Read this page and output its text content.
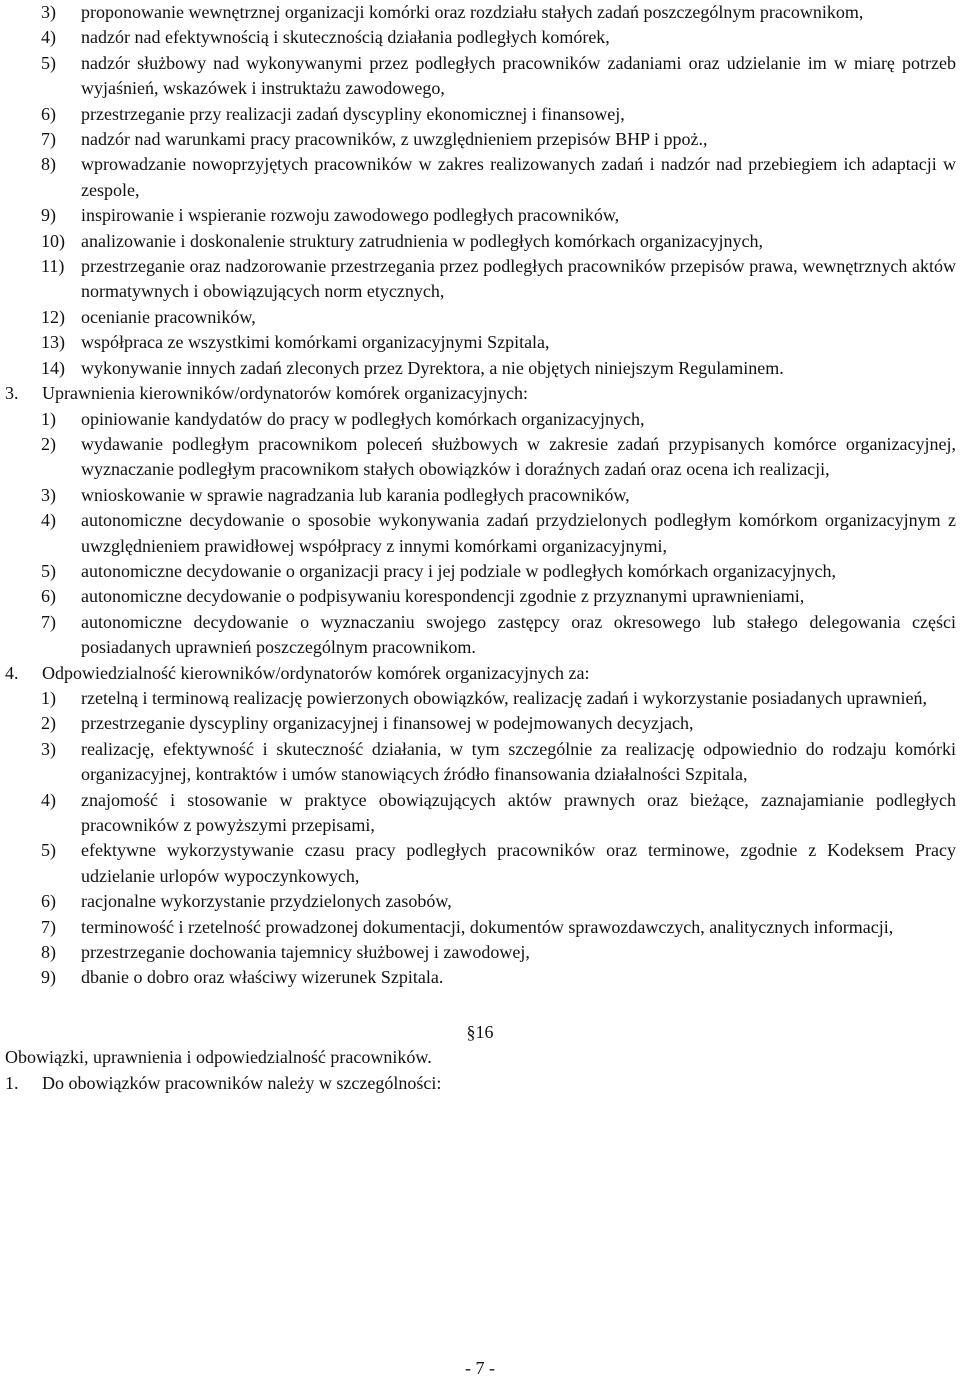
3) proponowanie wewnętrznej organizacji komórki oraz rozdziału stałych zadań poszczególnym pracownikom,
4) nadzór nad efektywnością i skutecznością działania podległych komórek,
5) nadzór służbowy nad wykonywanymi przez podległych pracowników zadaniami oraz udzielanie im w miarę potrzeb wyjaśnień, wskazówek i instruktażu zawodowego,
6) przestrzeganie przy realizacji zadań dyscypliny ekonomicznej i finansowej,
7) nadzór nad warunkami pracy pracowników, z uwzględnieniem przepisów BHP i ppoż.,
8) wprowadzanie nowoprzyjętych pracowników w zakres realizowanych zadań i nadzór nad przebiegiem ich adaptacji w zespole,
9) inspirowanie i wspieranie rozwoju zawodowego podległych pracowników,
10) analizowanie i doskonalenie struktury zatrudnienia w podległych komórkach organizacyjnych,
11) przestrzeganie oraz nadzorowanie przestrzegania przez podległych pracowników przepisów prawa, wewnętrznych aktów normatywnych i obowiązujących norm etycznych,
12) ocenianie pracowników,
13) współpraca ze wszystkimi komórkami organizacyjnymi Szpitala,
14) wykonywanie innych zadań zleconych przez Dyrektora, a nie objętych niniejszym Regulaminem.
3. Uprawnienia kierowników/ordynatorów komórek organizacyjnych:
1) opiniowanie kandydatów do pracy w podległych komórkach organizacyjnych,
2) wydawanie podległym pracownikom poleceń służbowych w zakresie zadań przypisanych komórce organizacyjnej, wyznaczanie podległym pracownikom stałych obowiązków i doraźnych zadań oraz ocena ich realizacji,
3) wnioskowanie w sprawie nagradzania lub karania podległych pracowników,
4) autonomiczne decydowanie o sposobie wykonywania zadań przydzielonych podległym komórkom organizacyjnym z uwzględnieniem prawidłowej współpracy z innymi komórkami organizacyjnymi,
5) autonomiczne decydowanie o organizacji pracy i jej podziale w podległych komórkach organizacyjnych,
6) autonomiczne decydowanie o podpisywaniu korespondencji zgodnie z przyznanymi uprawnieniami,
7) autonomiczne decydowanie o wyznaczaniu swojego zastępcy oraz okresowego lub stałego delegowania części posiadanych uprawnień poszczególnym pracownikom.
4. Odpowiedzialność kierowników/ordynatorów komórek organizacyjnych za:
1) rzetelną i terminową realizację powierzonych obowiązków, realizację zadań i wykorzystanie posiadanych uprawnień,
2) przestrzeganie dyscypliny organizacyjnej i finansowej w podejmowanych decyzjach,
3) realizację, efektywność i skuteczność działania, w tym szczególnie za realizację odpowiednio do rodzaju komórki organizacyjnej, kontraktów i umów stanowiących źródło finansowania działalności Szpitala,
4) znajomość i stosowanie w praktyce obowiązujących aktów prawnych oraz bieżące, zaznajamianie podległych pracowników z powyższymi przepisami,
5) efektywne wykorzystywanie czasu pracy podległych pracowników oraz terminowe, zgodnie z Kodeksem Pracy udzielanie urlopów wypoczynkowych,
6) racjonalne wykorzystanie przydzielonych zasobów,
7) terminowość i rzetelność prowadzonej dokumentacji, dokumentów sprawozdawczych, analitycznych informacji,
8) przestrzeganie dochowania tajemnicy służbowej i zawodowej,
9) dbanie o dobro oraz właściwy wizerunek Szpitala.
§16
Obowiązki, uprawnienia i odpowiedzialność pracowników.
1. Do obowiązków pracowników należy w szczególności:
- 7 -
